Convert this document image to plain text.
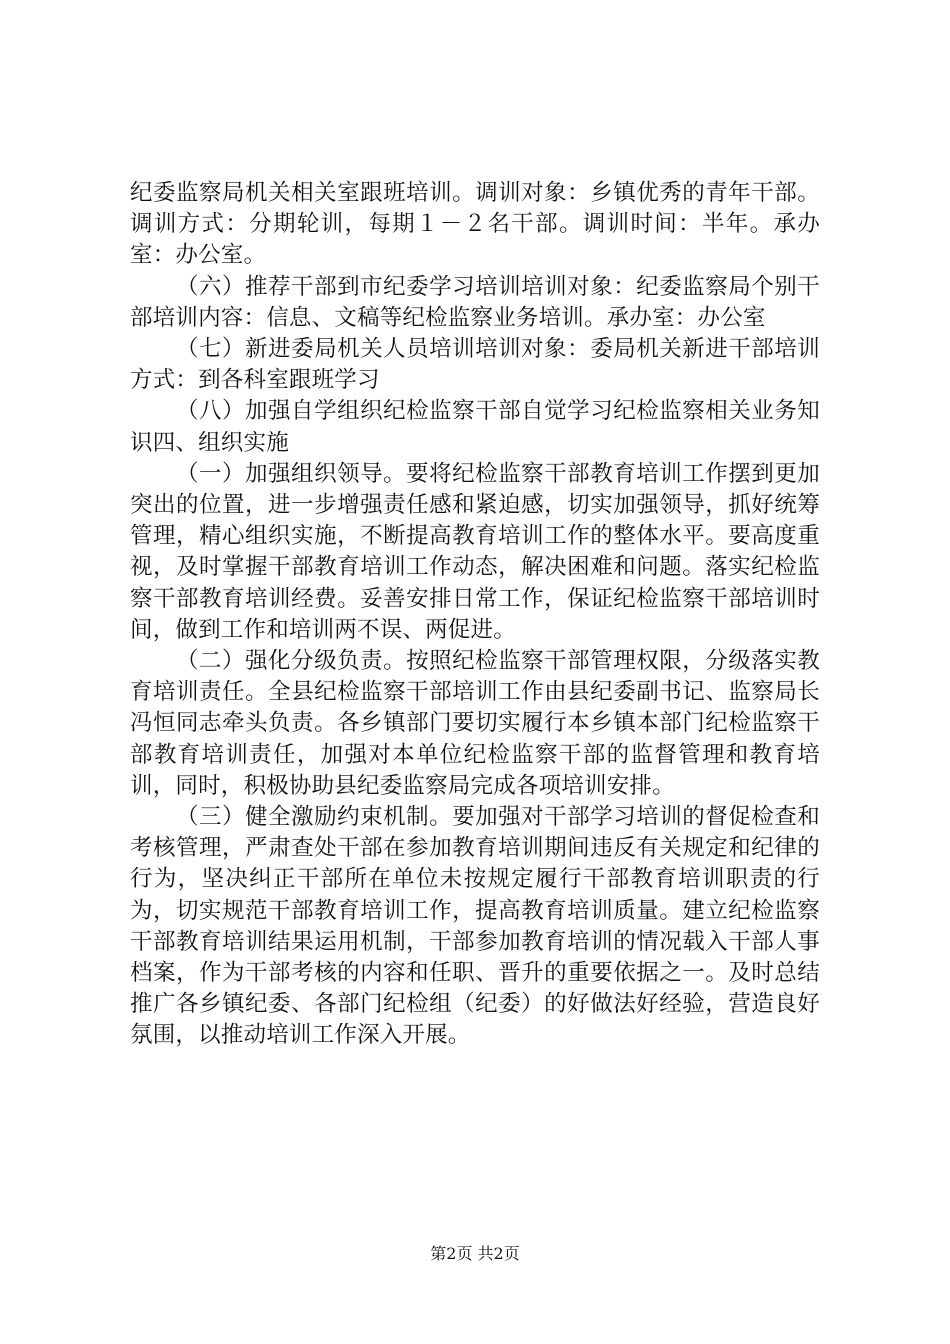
纪委监察局机关相关室跟班培训。调训对象：乡镇优秀的青年干部。调训方式：分期轮训，每期１－２名干部。调训时间：半年。承办室：办公室。

（六）推荐干部到市纪委学习培训培训对象：纪委监察局个别干部培训内容：信息、文稿等纪检监察业务培训。承办室：办公室

（七）新进委局机关人员培训培训对象：委局机关新进干部培训方式：到各科室跟班学习

（八）加强自学组织纪检监察干部自觉学习纪检监察相关业务知识四、组织实施

（一）加强组织领导。要将纪检监察干部教育培训工作摆到更加突出的位置，进一步增强责任感和紧迫感，切实加强领导，抓好统筹管理，精心组织实施，不断提高教育培训工作的整体水平。要高度重视，及时掌握干部教育培训工作动态，解决困难和问题。落实纪检监察干部教育培训经费。妥善安排日常工作，保证纪检监察干部培训时间，做到工作和培训两不误、两促进。

（二）强化分级负责。按照纪检监察干部管理权限，分级落实教育培训责任。全县纪检监察干部培训工作由县纪委副书记、监察局长冯恒同志牵头负责。各乡镇部门要切实履行本乡镇本部门纪检监察干部教育培训责任，加强对本单位纪检监察干部的监督管理和教育培训，同时，积极协助县纪委监察局完成各项培训安排。

（三）健全激励约束机制。要加强对干部学习培训的督促检查和考核管理，严肃查处干部在参加教育培训期间违反有关规定和纪律的行为，坚决纠正干部所在单位未按规定履行干部教育培训职责的行为，切实规范干部教育培训工作，提高教育培训质量。建立纪检监察干部教育培训结果运用机制，干部参加教育培训的情况载入干部人事档案，作为干部考核的内容和任职、晋升的重要依据之一。及时总结推广各乡镇纪委、各部门纪检组（纪委）的好做法好经验，营造良好氛围，以推动培训工作深入开展。

第2页 共2页
